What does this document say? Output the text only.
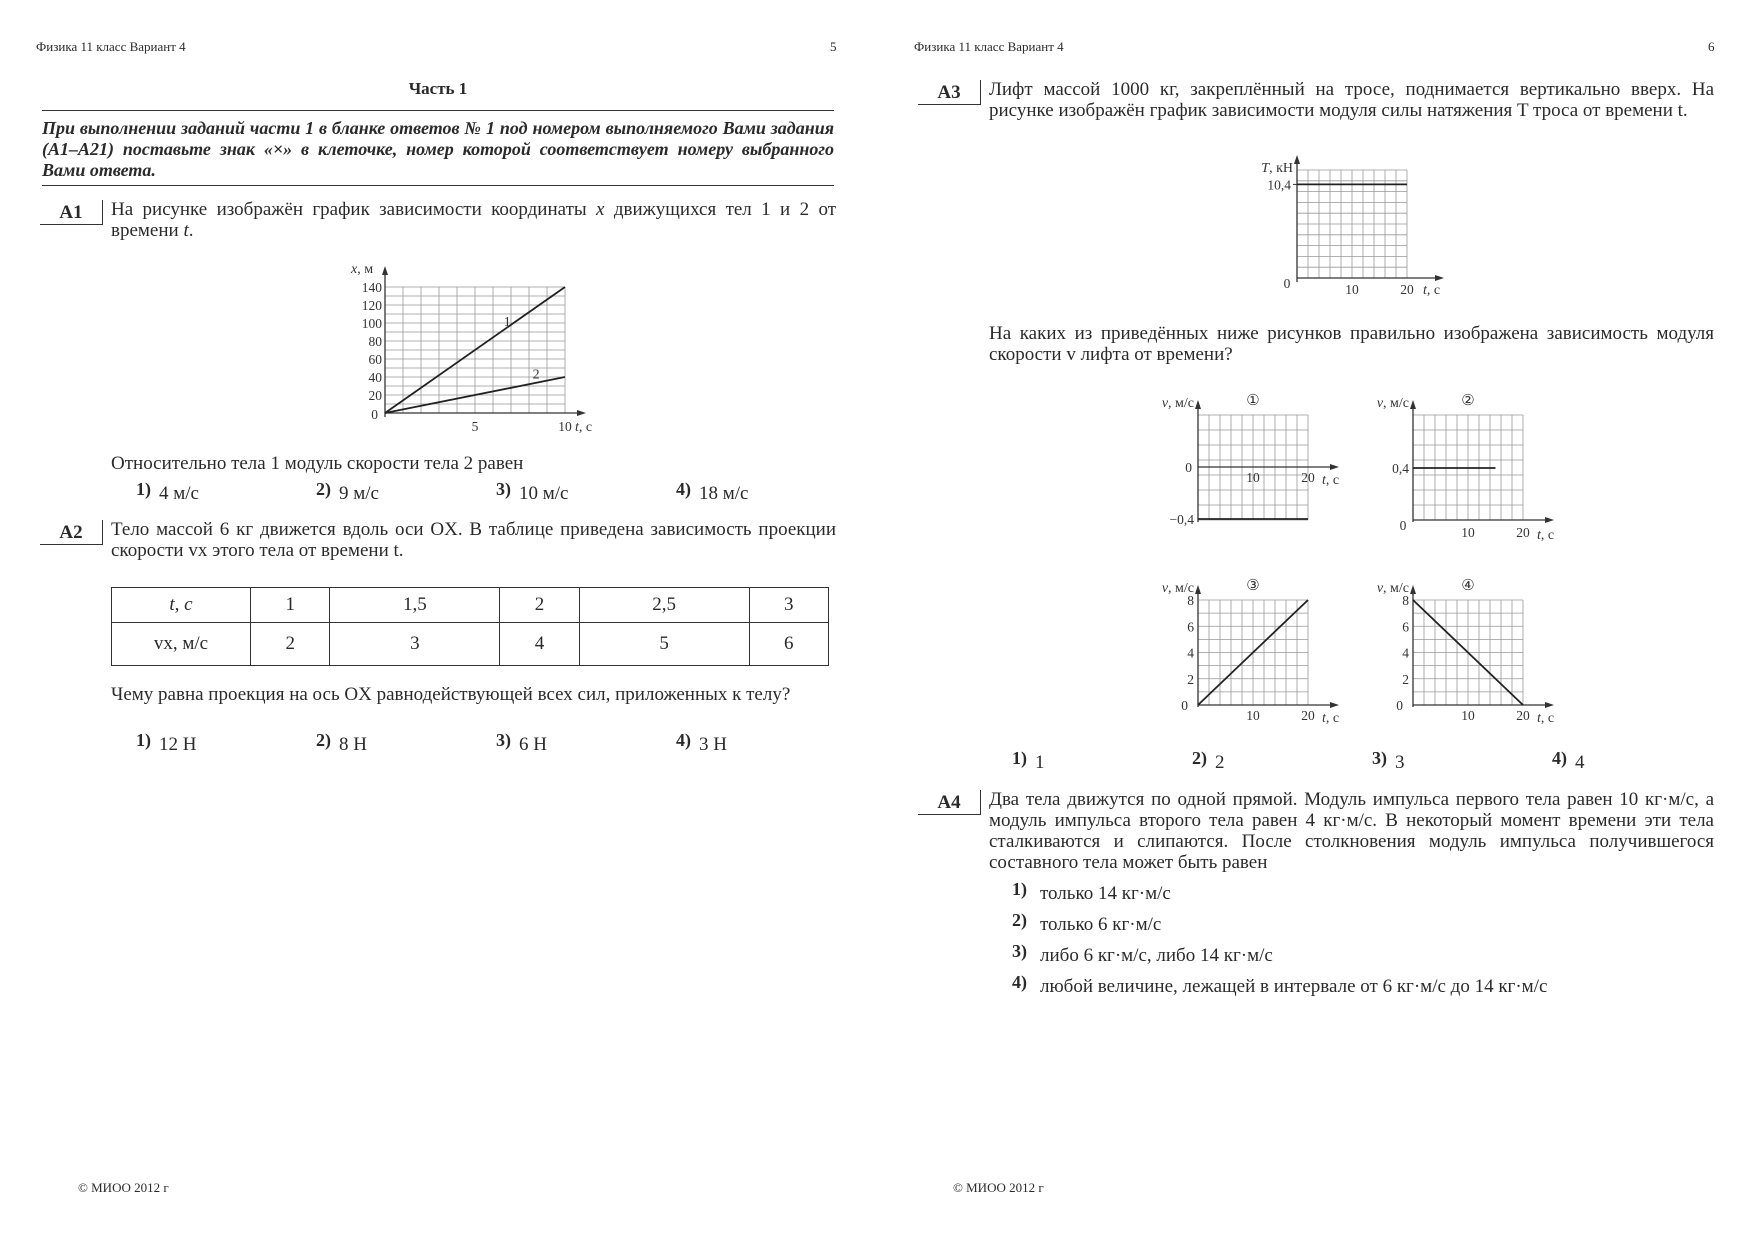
Физика 11 класс Вариант 4	5
Часть 1
При выполнении заданий части 1 в бланке ответов № 1 под номером выполняемого Вами задания (А1–А21) поставьте знак «×» в клеточке, номер которой соответствует номеру выбранного Вами ответа.
А1	На рисунке изображён график зависимости координаты x движущихся тел 1 и 2 от времени t.
1
2
20
40
60
80
100
120
140
0
5	10 t, с
x, м
Относительно тела 1 модуль скорости тела 2 равен
1) 4 м/с	2) 9 м/с	3) 10 м/с	4) 18 м/с
А2	Тело массой 6 кг движется вдоль оси OX. В таблице приведена зависимость проекции скорости vx этого тела от времени t.
t, с	1	1,5	2	2,5	3
vx, м/с	2	3	4	5	6
Чему равна проекция на ось OX равнодействующей всех сил, приложенных к телу?
1) 12 Н	2) 8 Н	3) 6 Н	4) 3 Н
© МИОО 2012 г
Физика 11 класс Вариант 4	6
А3	Лифт массой 1000 кг, закреплённый на тросе, поднимается вертикально вверх. На рисунке изображён график зависимости модуля силы натяжения T троса от времени t.
10,4
0	10	20 t, с
T, кН
На каких из приведённых ниже рисунков правильно изображена зависимость модуля скорости v лифта от времени?
①
v, м/с
10	20 t, с
0
−0,4
②
v, м/с
10	20 t, с
0,4
0
③
v, м/с
10	20 t, с
2
4
6
8
0
④
v, м/с
10	20 t, с
2
4
6
8
0
1) 1	2) 2	3) 3	4) 4
А4	Два тела движутся по одной прямой. Модуль импульса первого тела равен 10 кг·м/с, а модуль импульса второго тела равен 4 кг·м/с. В некоторый момент времени эти тела сталкиваются и слипаются. После столкновения модуль импульса получившегося составного тела может быть равен
1) только 14 кг·м/с
2) только 6 кг·м/с
3) либо 6 кг·м/с, либо 14 кг·м/с
4) любой величине, лежащей в интервале от 6 кг·м/с до 14 кг·м/с
© МИОО 2012 г
